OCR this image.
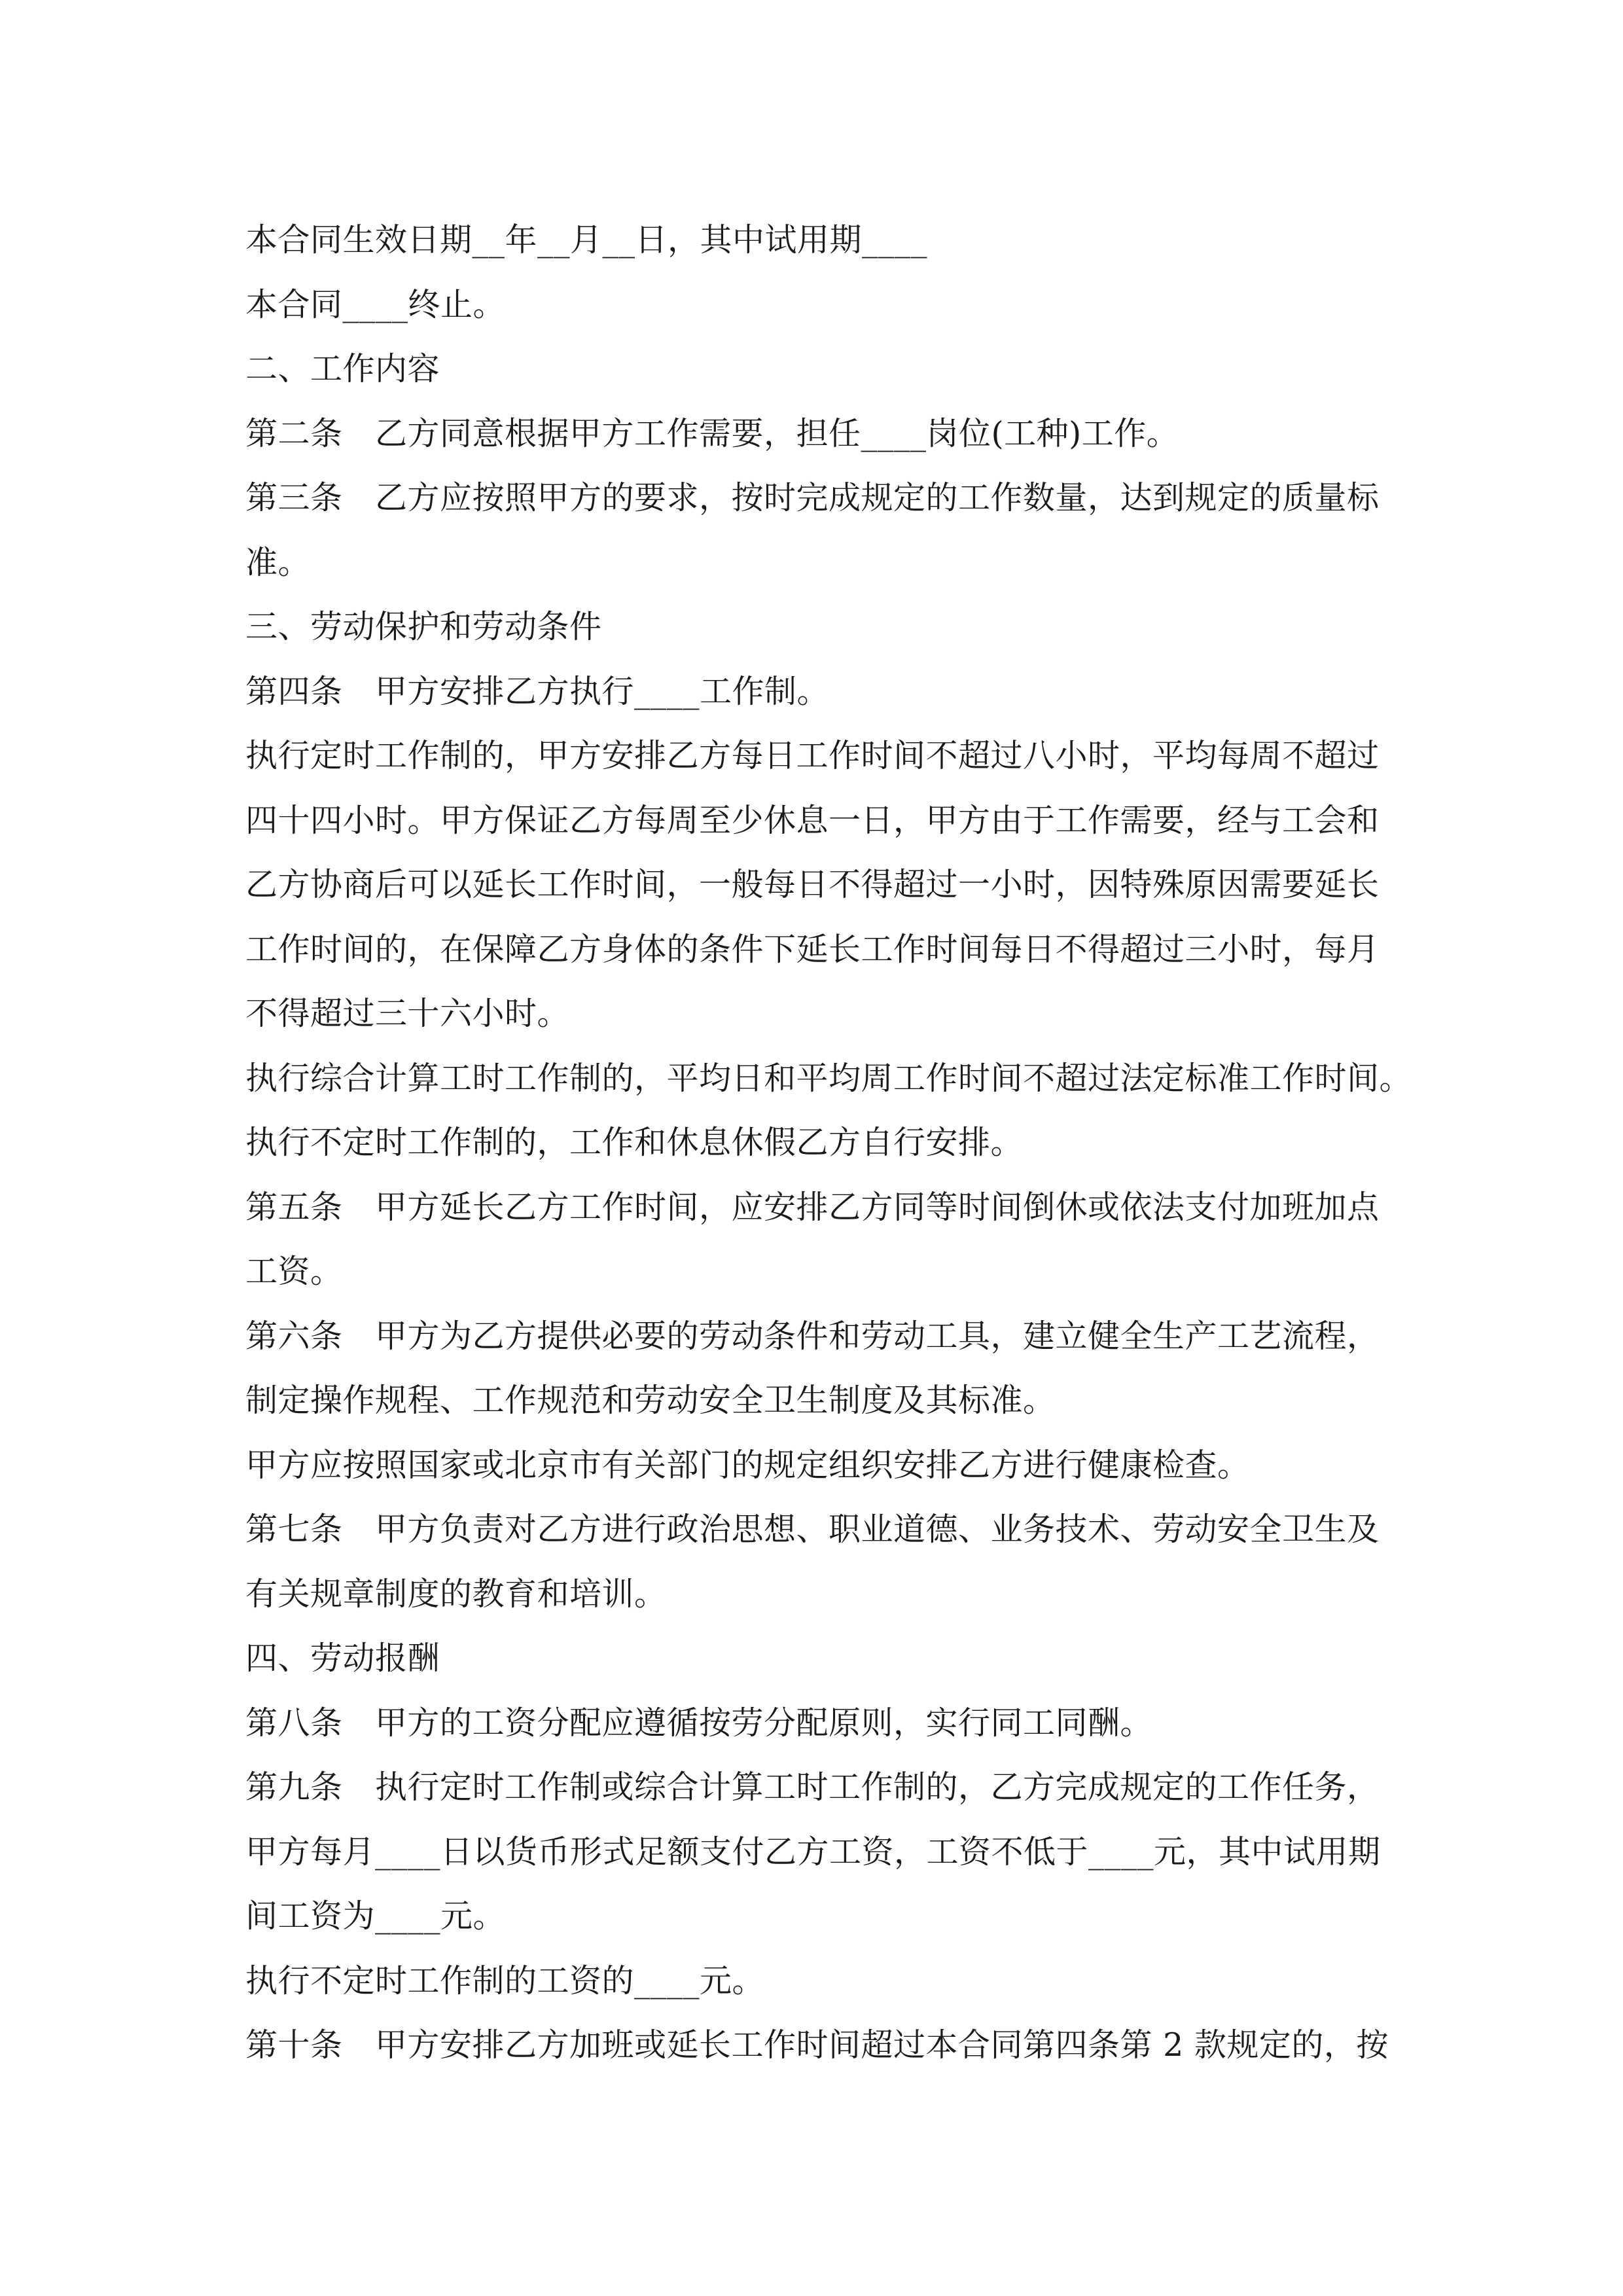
本合同生效日期__年__月__日，其中试用期____
本合同____终止。
二、工作内容
第二条　乙方同意根据甲方工作需要，担任____岗位(工种)工作。
第三条　乙方应按照甲方的要求，按时完成规定的工作数量，达到规定的质量标
准。
三、劳动保护和劳动条件
第四条　甲方安排乙方执行____工作制。
执行定时工作制的，甲方安排乙方每日工作时间不超过八小时，平均每周不超过
四十四小时。甲方保证乙方每周至少休息一日，甲方由于工作需要，经与工会和
乙方协商后可以延长工作时间，一般每日不得超过一小时，因特殊原因需要延长
工作时间的，在保障乙方身体的条件下延长工作时间每日不得超过三小时，每月
不得超过三十六小时。
执行综合计算工时工作制的，平均日和平均周工作时间不超过法定标准工作时间。
执行不定时工作制的，工作和休息休假乙方自行安排。
第五条　甲方延长乙方工作时间，应安排乙方同等时间倒休或依法支付加班加点
工资。
第六条　甲方为乙方提供必要的劳动条件和劳动工具，建立健全生产工艺流程，
制定操作规程、工作规范和劳动安全卫生制度及其标准。
甲方应按照国家或北京市有关部门的规定组织安排乙方进行健康检查。
第七条　甲方负责对乙方进行政治思想、职业道德、业务技术、劳动安全卫生及
有关规章制度的教育和培训。
四、劳动报酬
第八条　甲方的工资分配应遵循按劳分配原则，实行同工同酬。
第九条　执行定时工作制或综合计算工时工作制的，乙方完成规定的工作任务，
甲方每月____日以货币形式足额支付乙方工资，工资不低于____元，其中试用期
间工资为____元。
执行不定时工作制的工资的____元。
第十条　甲方安排乙方加班或延长工作时间超过本合同第四条第 2 款规定的，按
